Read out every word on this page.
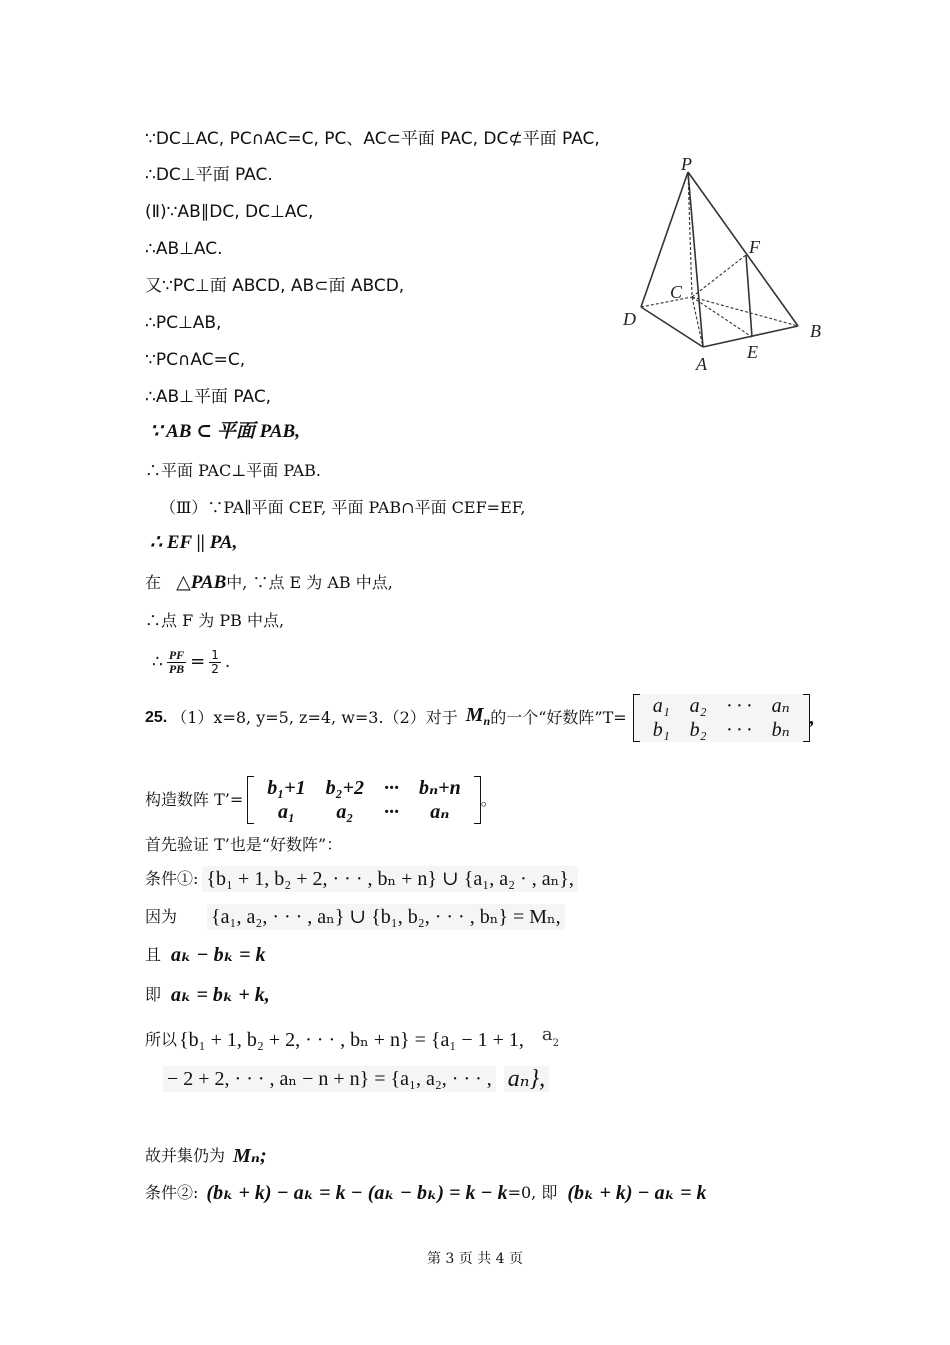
∵DC⊥AC, PC∩AC=C, PC、AC⊂平面 PAC, DC⊄平面 PAC,
∴DC⊥平面 PAC.
(Ⅱ)∵AB∥DC, DC⊥AC,
∴AB⊥AC.
又∵PC⊥面 ABCD, AB⊂面 ABCD,
∴PC⊥AB,
∵PC∩AC=C,
∴AB⊥平面 PAC,
∵ AB ⊂ 平面 PAB,
∴平面 PAC⊥平面 PAB.
（Ⅲ）∵PA∥平面 CEF, 平面 PAB∩平面 CEF=EF,
∴ EF || PA,
在 △PAB中, ∵点 E 为 AB 中点,
∴点 F 为 PB 中点,
∴ $\frac{PF}{PB} = \frac{1}{2}$ .
P
F
C
D
B
A
E
25. （1）x=8, y=5, z=4, w=3.（2）对于 $M_n$ 的一个“好数阵”T=
a₁	a₂	· · ·	aₙ
b₁	b₂	· · ·	bₙ
,
构造数阵 T’=
b₁+1	b₂+2	···	bₙ+n
a₁	a₂	···	aₙ
。
首先验证 T’也是“好数阵”：
条件①: {b₁ + 1, b₂ + 2, · · · , bₙ + n} ∪ {a₁, a₂ · , aₙ},
因为 {a₁, a₂, · · · , aₙ} ∪ {b₁, b₂, · · · , bₙ} = Mₙ,
且 aₖ − bₖ = k
即 aₖ = bₖ + k,
所以 {b₁ + 1, b₂ + 2, · · · , bₙ + n} = {a₁ − 1 + 1, $a_2$
− 2 + 2, · · · , aₙ − n + n} = {a₁, a₂, · · · , aₙ},
故并集仍为 Mₙ;
条件②: (bₖ + k) − aₖ = k − (aₖ − bₖ) = k − k =0, 即 (bₖ + k) − aₖ = k
第 3 页 共 4 页
